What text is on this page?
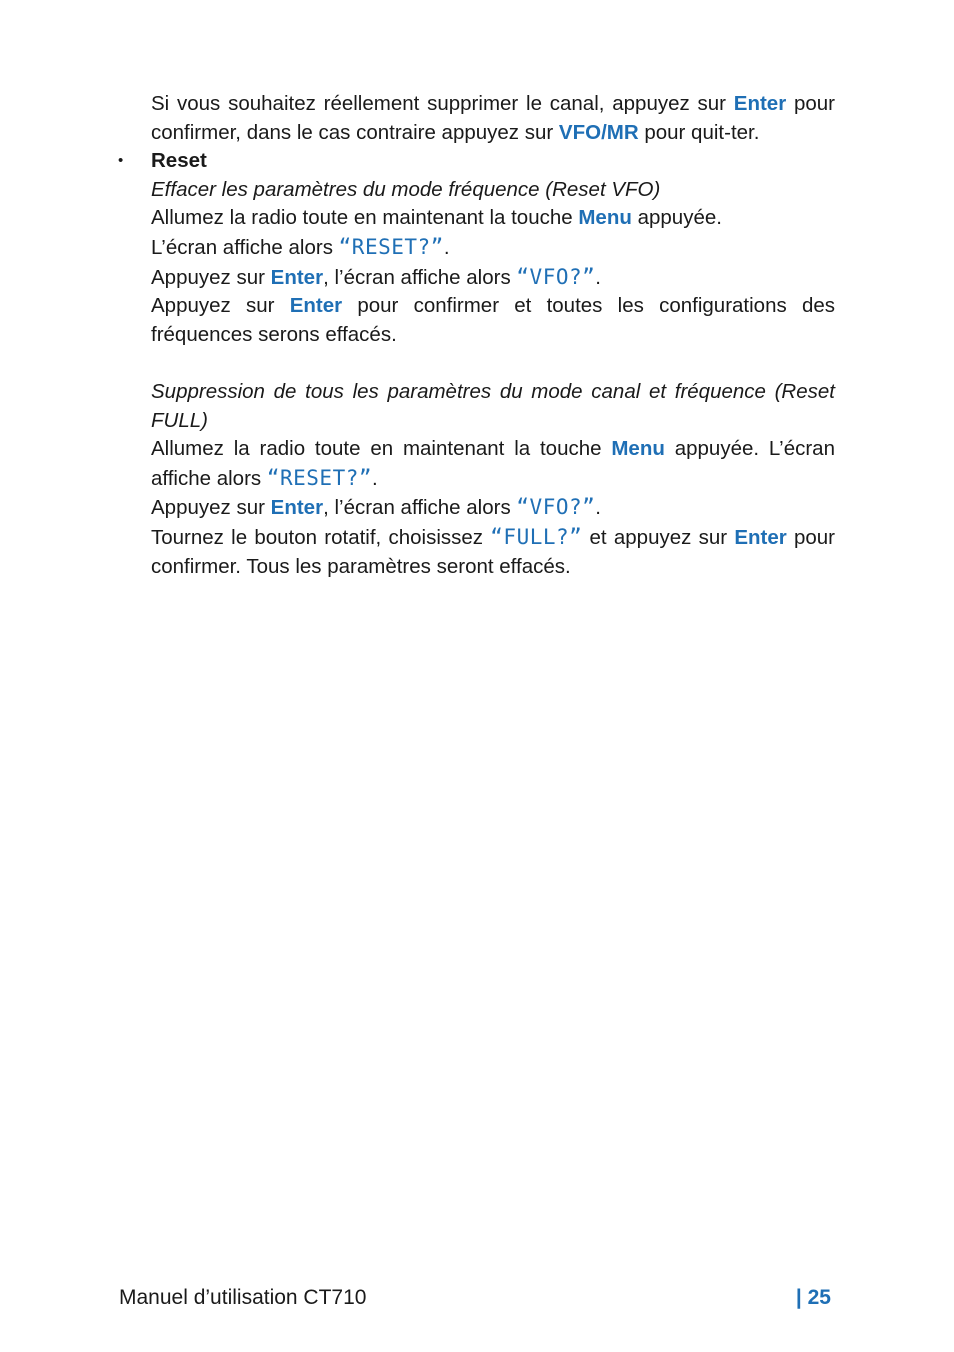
Si vous souhaitez réellement supprimer le canal, appuyez sur Enter pour confirmer, dans le cas contraire appuyez sur VFO/MR pour quit-ter.

• Reset

Effacer les paramètres du mode fréquence (Reset VFO)

Allumez la radio toute en maintenant la touche Menu appuyée.
L’écran affiche alors “RESET?”.

Appuyez sur Enter, l’écran affiche alors “VFO?”.

Appuyez sur Enter pour confirmer et toutes les configurations des fréquences serons effacés.

Suppression de tous les paramètres du mode canal et fréquence (Reset FULL)

Allumez la radio toute en maintenant la touche Menu appuyée. L’écran affiche alors “RESET?”.

Appuyez sur Enter, l’écran affiche alors “VFO?”.

Tournez le bouton rotatif, choisissez “FULL?” et appuyez sur Enter pour confirmer. Tous les paramètres seront effacés.

Manuel d’utilisation CT710	| 25
